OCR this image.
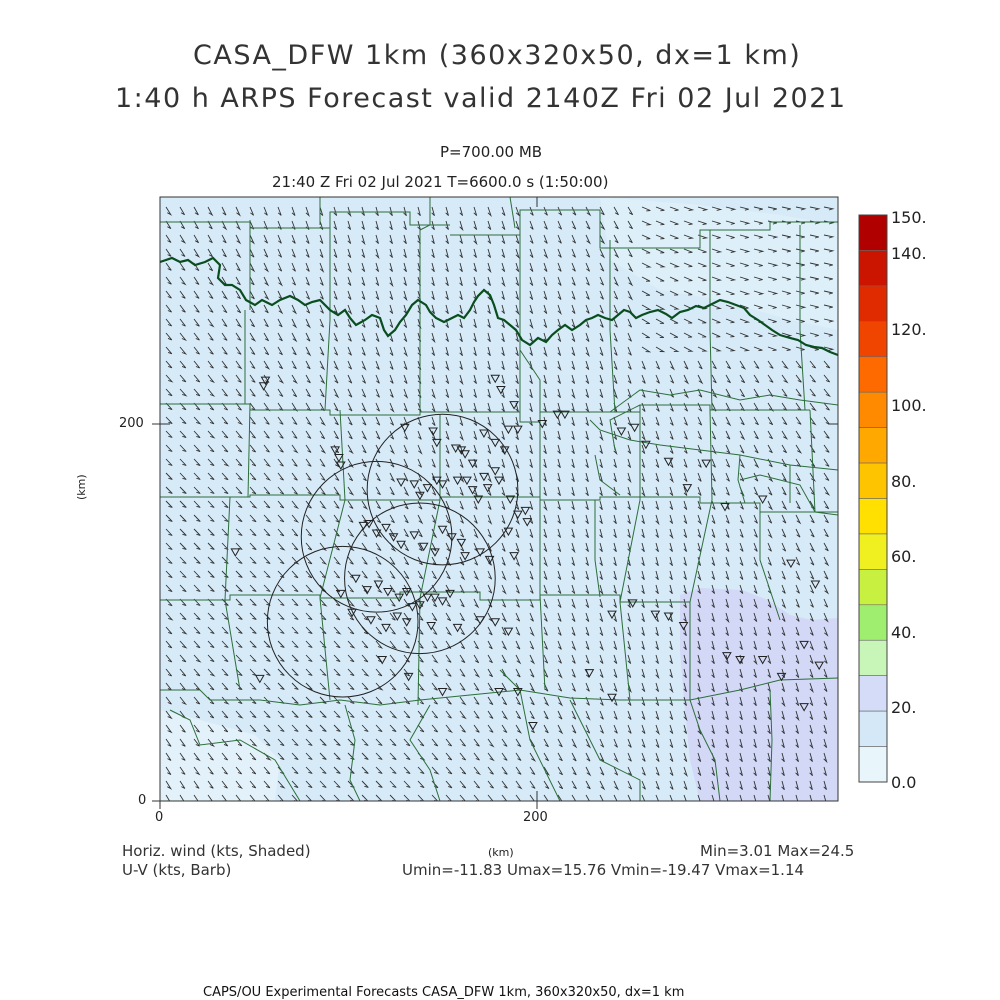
CASA_DFW 1km (360x320x50, dx=1 km)
1:40 h ARPS Forecast valid 2140Z Fri 02 Jul 2021
P=700.00 MB
21:40 Z Fri 02 Jul 2021 T=6600.0 s (1:50:00)
0	200
0
200
(km)
(km)
150.
140.
120.
100.
80.
60.
40.
20.
0.0
Horiz. wind (kts, Shaded)
U-V (kts, Barb)
Min=3.01 Max=24.5
Umin=-11.83 Umax=15.76 Vmin=-19.47 Vmax=1.14
CAPS/OU Experimental Forecasts CASA_DFW 1km, 360x320x50, dx=1 km
